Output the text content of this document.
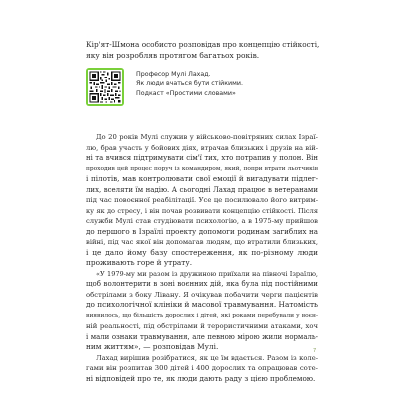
Кір'ят-Шмона особисто розповідав про концепцію стійкості,
яку він розробляв протягом багатьох років.
Професор Мулі Лахад.
Як люди вчаться бути стійкими.
Подкаст «Простими словами»

До 20 років Мулі служив у військово-повітряних силах Ізраї-
лю, брав участь у бойових діях, втрачав близьких і друзів на вій-
ні та вчився підтримувати сім'ї тих, хто потрапив у полон. Він
проходив цей процес поруч із командиром, який, попри втрати льотчиків
і пілотів, мав контролювати свої емоції й вигадувати підлег-
лих, вселяти їм надію. А сьогодні Лахад працює в ветеранами
під час повоєнної реабілітації. Усе це посилювало його витрим-
ку як до стресу, і він почав розвивати концепцію стійкості. Після
служби Мулі став студіювати психологію, а в 1975-му прийшов
до першого в Ізраїлі проекту допомоги родинам загиблих на
війні, під час якої він допомагав людям, що втратили близьких,
і це дало йому базу спостереження, як по-різному люди
проживають горе й утрату.

«У 1979-му ми разом із дружиною приїхали на півночі Ізраїлю,
щоб волонтерити в зоні воєнних дій, яка була під постійними
обстрілами з боку Лівану. Я очікував побачити черги пацієнтів
до психологічної клініки й масової травмування. Натомість
виявилось, що більшість дорослих і дітей, які роками перебували у воєн-
ній реальності, під обстрілами й терористичними атаками, хоч
і мали ознаки травмування, але певною мірою жили нормаль-
ним життям», — розповідав Мулі.

Лахад вирішив розібратися, як це їм вдається. Разом із коле-
гами він розпитав 300 дітей і 400 дорослих та опрацював соте-
ні відповідей про те, як люди дають раду з цією проблемою.

7
